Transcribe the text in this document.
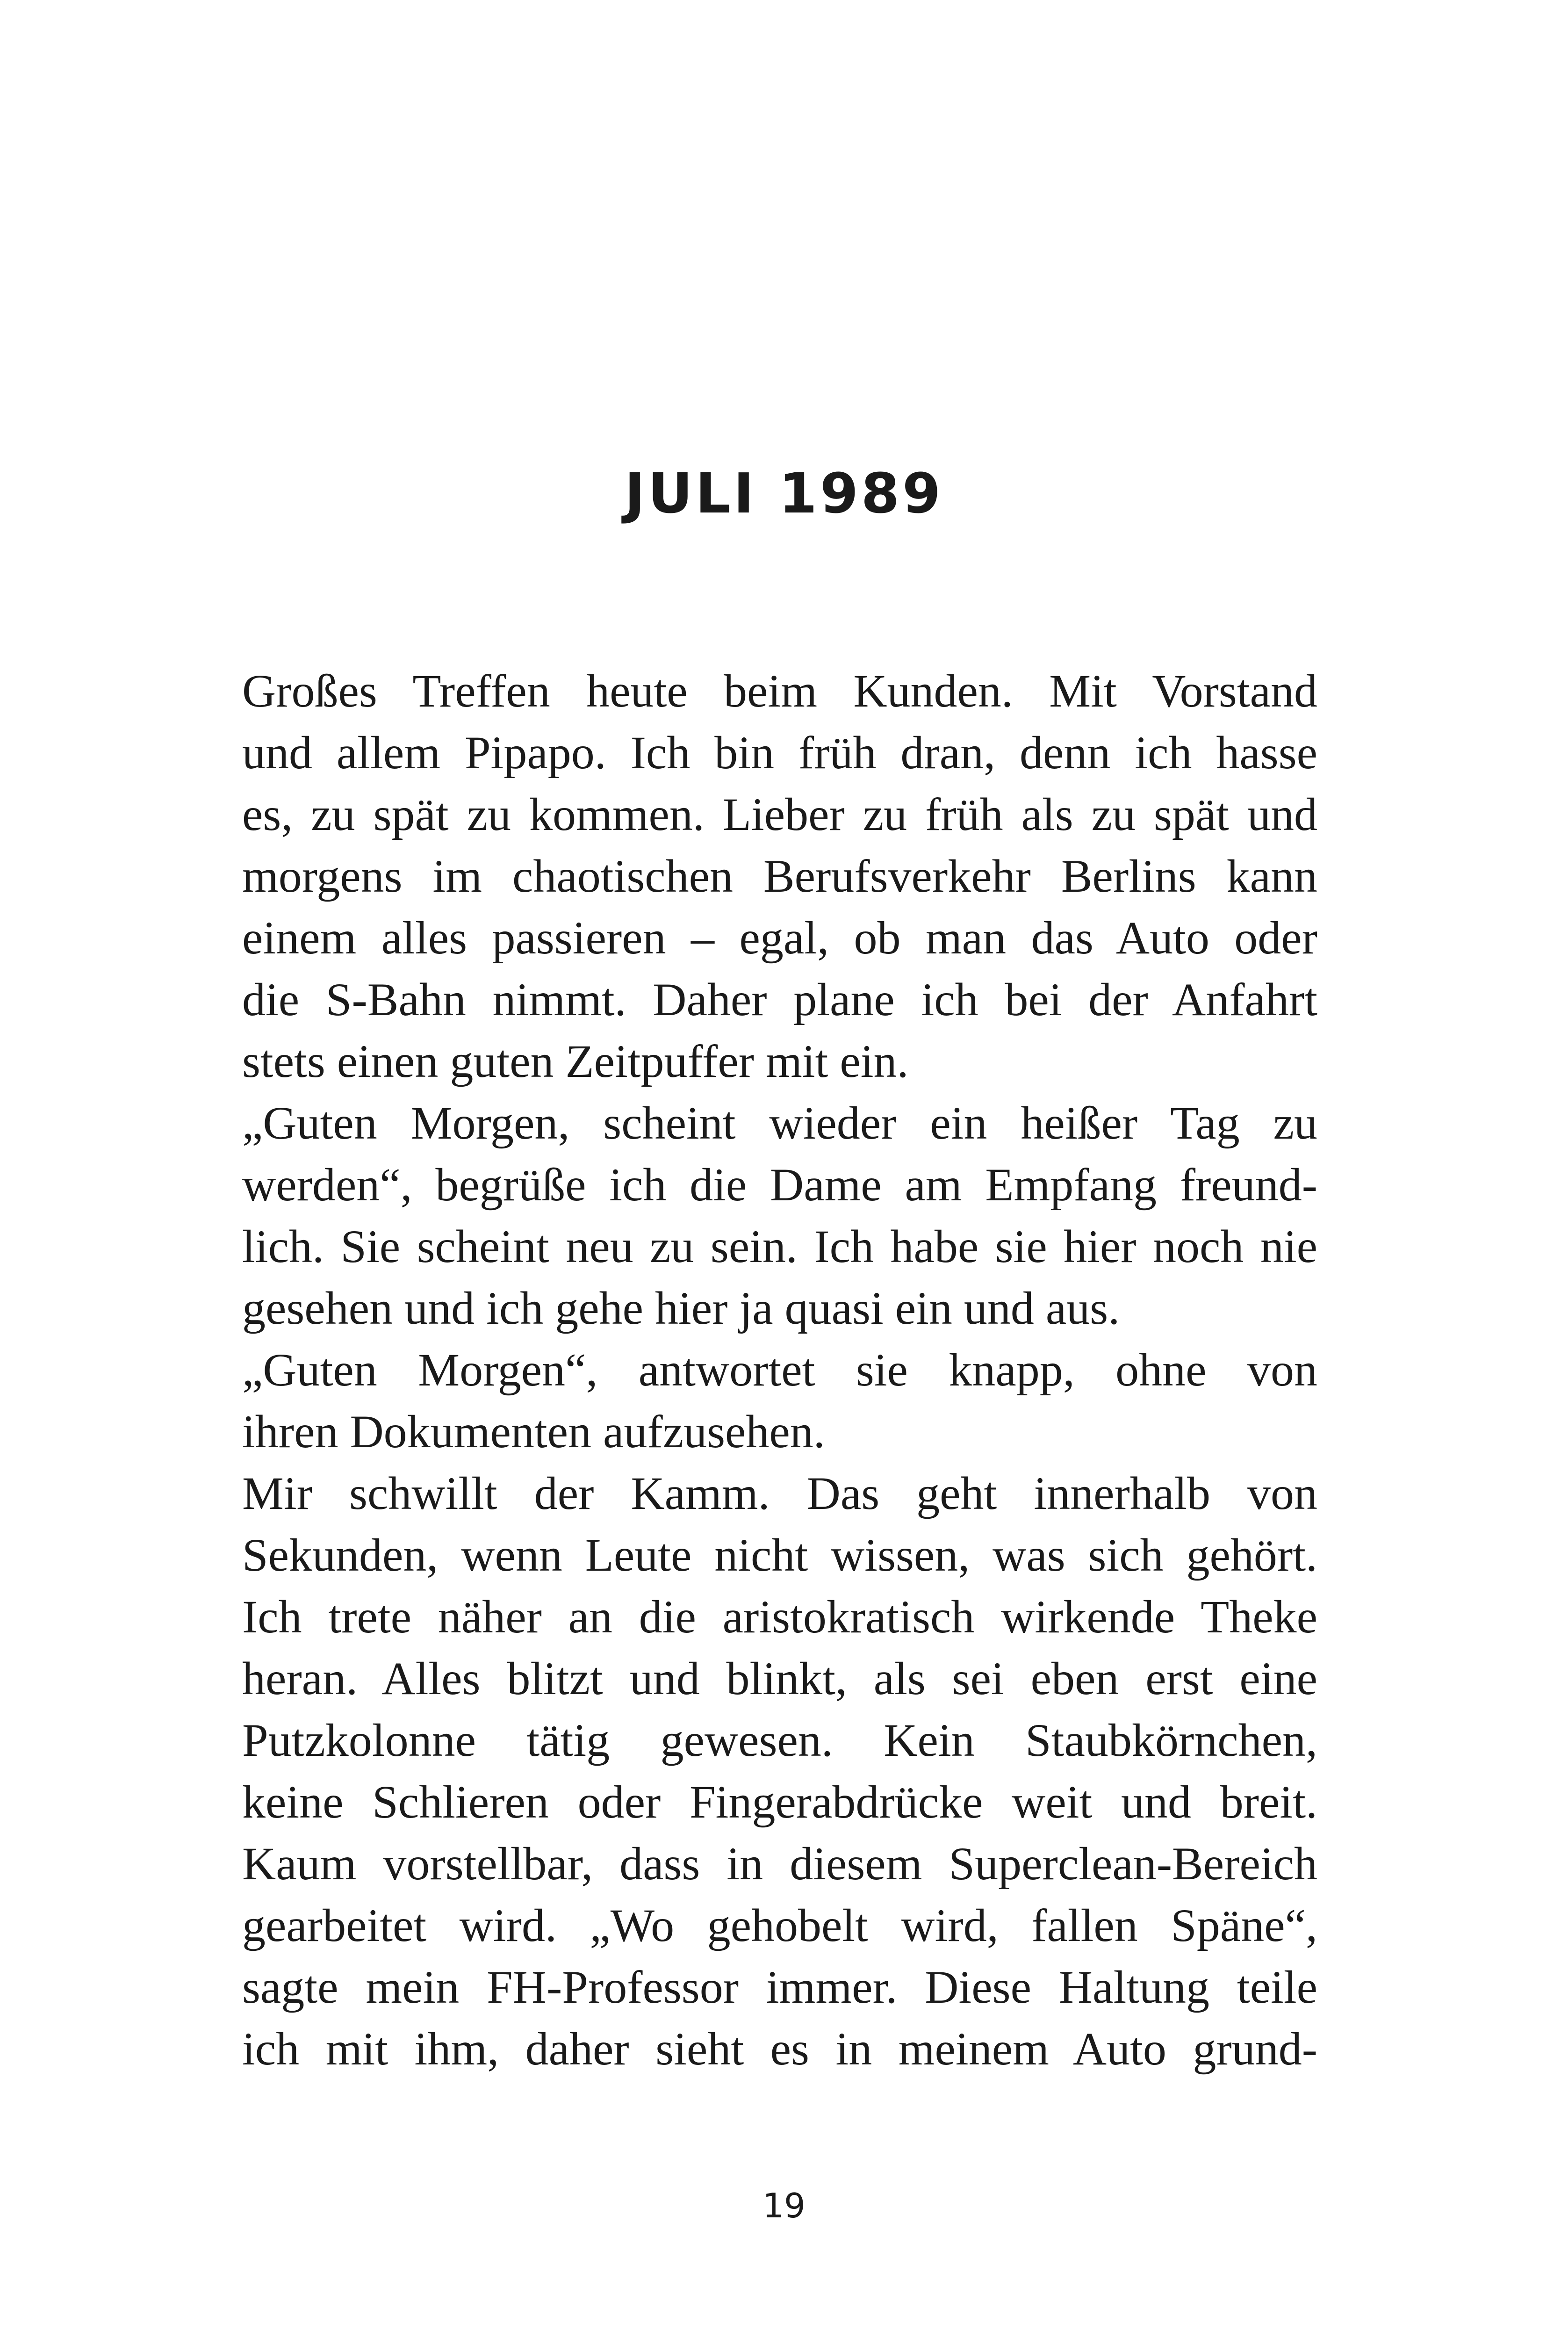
JULI 1989
Großes Treffen heute beim Kunden. Mit Vorstand
und allem Pipapo. Ich bin früh dran, denn ich hasse
es, zu spät zu kommen. Lieber zu früh als zu spät und
morgens im chaotischen Berufsverkehr Berlins kann
einem alles passieren – egal, ob man das Auto oder
die S-Bahn nimmt. Daher plane ich bei der Anfahrt
stets einen guten Zeitpuffer mit ein.
„Guten Morgen, scheint wieder ein heißer Tag zu
werden“, begrüße ich die Dame am Empfang freund-
lich. Sie scheint neu zu sein. Ich habe sie hier noch nie
gesehen und ich gehe hier ja quasi ein und aus.
„Guten Morgen“, antwortet sie knapp, ohne von
ihren Dokumenten aufzusehen.
Mir schwillt der Kamm. Das geht innerhalb von
Sekunden, wenn Leute nicht wissen, was sich gehört.
Ich trete näher an die aristokratisch wirkende Theke
heran. Alles blitzt und blinkt, als sei eben erst eine
Putzkolonne tätig gewesen. Kein Staubkörnchen,
keine Schlieren oder Fingerabdrücke weit und breit.
Kaum vorstellbar, dass in diesem Superclean-Bereich
gearbeitet wird. „Wo gehobelt wird, fallen Späne“,
sagte mein FH-Professor immer. Diese Haltung teile
ich mit ihm, daher sieht es in meinem Auto grund-
19
